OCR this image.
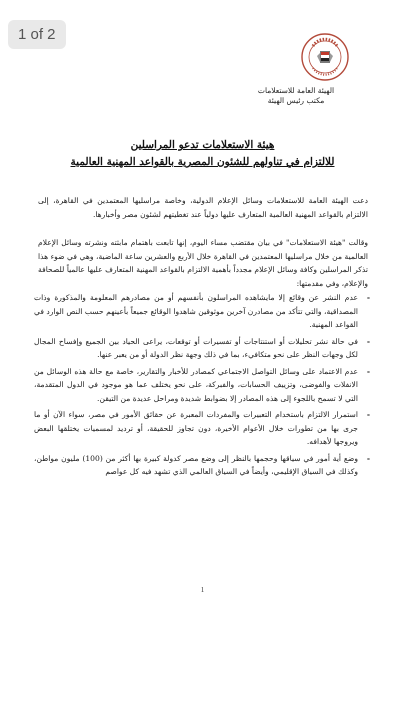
1 of 2
الهيئة العامة للاستعلامات
مكتب رئيس الهيئة
هيئة الاستعلامات تدعو المراسلين
للالتزام في تناولهم للشئون المصرية بالقواعد المهنية العالمية
دعت الهيئة العامة للاستعلامات وسائل الإعلام الدولية، وخاصة مراسليها المعتمدين في القاهرة، إلى الالتزام بالقواعد المهنية العالمية المتعارف عليها دولياً عند تغطيتهم لشئون مصر وأخبارها.
وقالت "هيئة الاستعلامات" في بيان مقتضب مساء اليوم، إنها تابعت باهتمام مابثته ونشرته وسائل الإعلام العالمية من خلال مراسليها المعتمدين في القاهرة خلال الأربع والعشرين ساعة الماضية، وهي في ضوء هذا تذكر المراسلين وكافة وسائل الإعلام مجدداً بأهمية الالتزام بالقواعد المهنية المتعارف عليها عالمياً للصحافة والإعلام، وفي مقدمتها:
-
عدم النشر عن وقائع إلا مايشاهده المراسلون بأنفسهم أو من مصادرهم المعلومة والمذكورة وذات المصداقية، والتي تتأكد من مصادرن آخرين موثوقين شاهدوا الوقائع جميعاً بأعينهم حسب النص الوارد في القواعد المهنية.
-
في حالة نشر تحليلات أو استنتاجات أو تفسيرات أو توقعات، يراعى الحياد بين الجميع وإفساح المجال لكل وجهات النظر على نحو متكافيء، بما في ذلك وجهة نظر الدولة أو من يعبر عنها.
-
عدم الاعتماد على وسائل التواصل الاجتماعي كمصادر للأخبار والتقارير، خاصة مع حالة هذه الوسائل من الانفلات والفوضى، وتزييف الحسابات، والفبركة، على نحو يختلف عما هو موجود في الدول المتقدمة، التي لا تسمح باللجوء إلى هذه المصادر إلا بضوابط شديدة ومراحل عديدة من التيقن.
-
استمرار الالتزام باستخدام التعبيرات والمفردات المعبرة عن حقائق الأمور في مصر، سواء الآن أو ما جرى بها من تطورات خلال الأعوام الأخيرة، دون تجاوز للحقيقة، أو ترديد لمسميات يختلقها البعض ويروجها لأهدافه.
-
وضع أية أمور في سياقها وحجمها بالنظر إلى وضع مصر كدولة كبيرة بها أكثر من (100) مليون مواطن، وكذلك في السياق الإقليمي، وأيضاً في السياق العالمي الذي تشهد فيه كل عواصم
1
